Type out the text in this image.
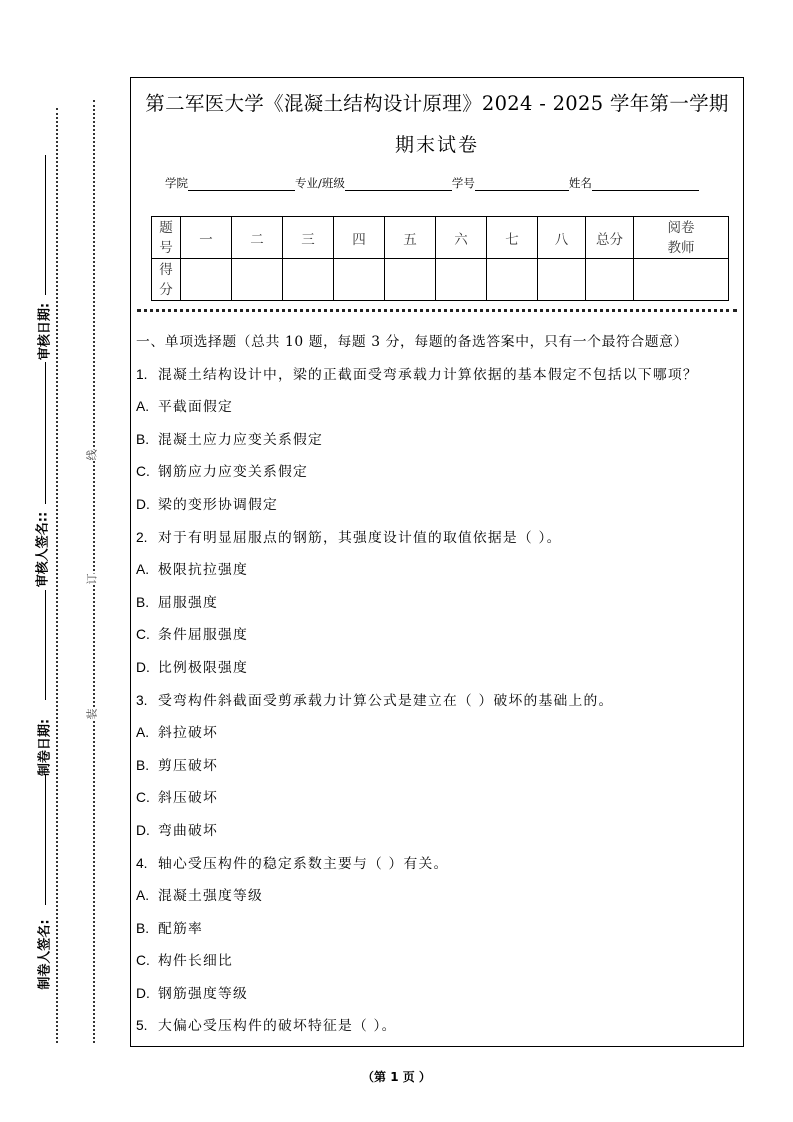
审核日期:
审核人签名::
制卷日期:
制卷人签名:
线
订
装
第二军医大学《混凝土结构设计原理》2024 - 2025 学年第一学期
期末试卷
学院	专业/班级	学号	姓名
题号	一	二	三	四	五	六	七	八	总分	阅卷教师
得分										
一、单项选择题（总共 10 题，每题 3 分，每题的备选答案中，只有一个最符合题意）
1. 混凝土结构设计中，梁的正截面受弯承载力计算依据的基本假定不包括以下哪项？
A. 平截面假定
B. 混凝土应力应变关系假定
C. 钢筋应力应变关系假定
D. 梁的变形协调假定
2. 对于有明显屈服点的钢筋，其强度设计值的取值依据是（ ）。
A. 极限抗拉强度
B. 屈服强度
C. 条件屈服强度
D. 比例极限强度
3. 受弯构件斜截面受剪承载力计算公式是建立在（ ）破坏的基础上的。
A. 斜拉破坏
B. 剪压破坏
C. 斜压破坏
D. 弯曲破坏
4. 轴心受压构件的稳定系数主要与（ ）有关。
A. 混凝土强度等级
B. 配筋率
C. 构件长细比
D. 钢筋强度等级
5. 大偏心受压构件的破坏特征是（ ）。
（第 1 页 ）
